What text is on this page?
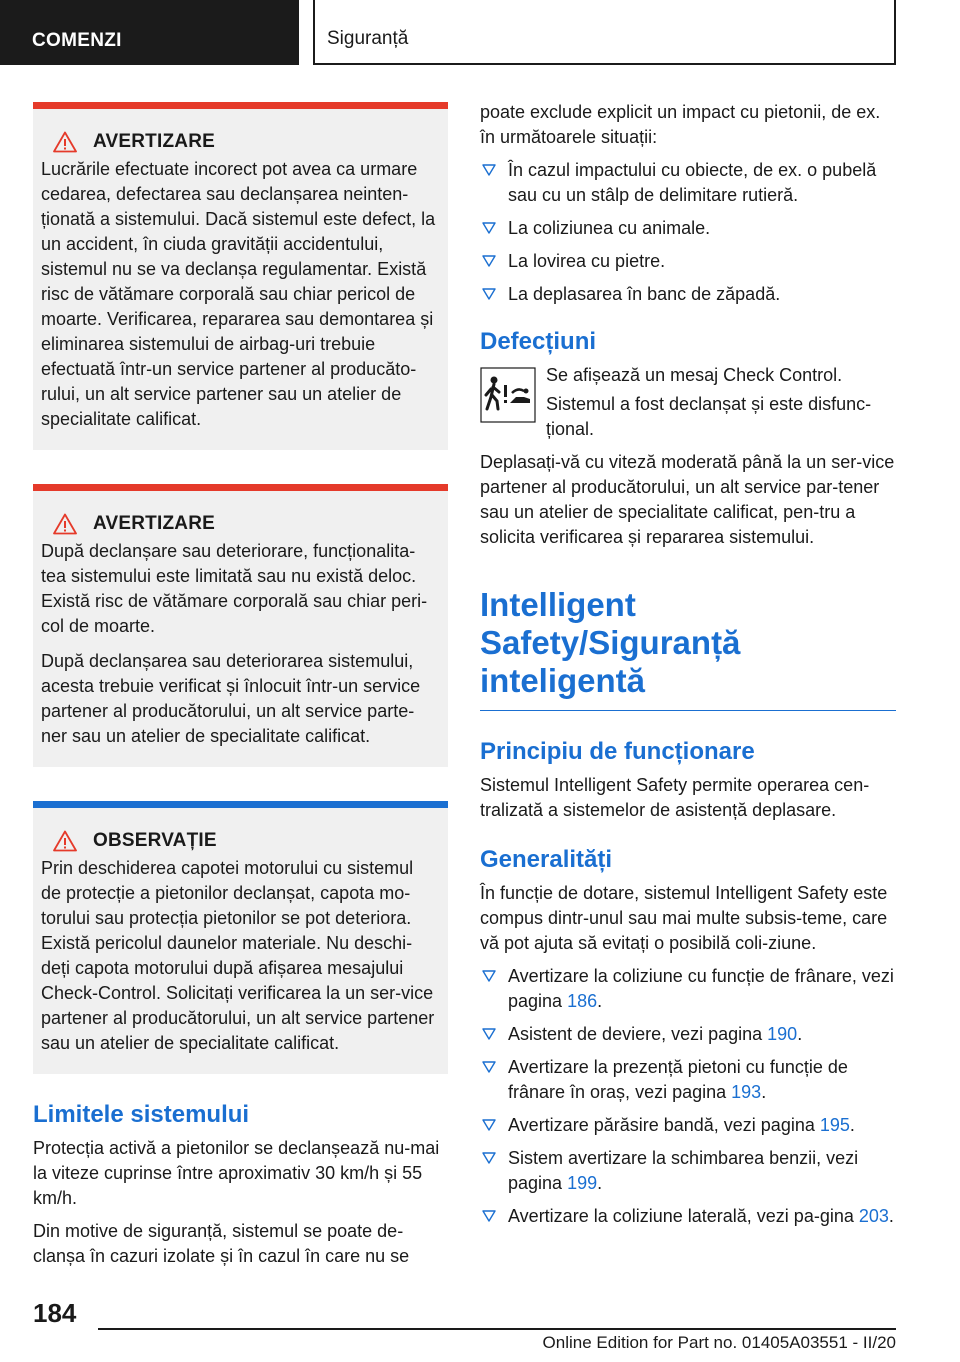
COMENZI	Siguranță
AVERTIZARE

Lucrările efectuate incorect pot avea ca urmare cedarea, defectarea sau declanșarea neinten-ționată a sistemului. Dacă sistemul este defect, la un accident, în ciuda gravității accidentului, sistemul nu se va declanșa regulamentar. Există risc de vătămare corporală sau chiar pericol de moarte. Verificarea, repararea sau demontarea și eliminarea sistemului de airbag-uri trebuie efectuată într-un service partener al producăto-rului, un alt service partener sau un atelier de specialitate calificat.

AVERTIZARE

După declanșare sau deteriorare, funcționalita-tea sistemului este limitată sau nu există deloc. Există risc de vătămare corporală sau chiar peri-col de moarte.

După declanșarea sau deteriorarea sistemului, acesta trebuie verificat și înlocuit într-un service partener al producătorului, un alt service parte-ner sau un atelier de specialitate calificat.

OBSERVAȚIE

Prin deschiderea capotei motorului cu sistemul de protecție a pietonilor declanșat, capota mo-torului sau protecția pietonilor se pot deteriora. Există pericolul daunelor materiale. Nu deschi-deți capota motorului după afișarea mesajului Check-Control. Solicitați verificarea la un ser-vice partener al producătorului, un alt service partener sau un atelier de specialitate calificat.

Limitele sistemului

Protecția activă a pietonilor se declanșează nu-mai la viteze cuprinse între aproximativ 30 km/h și 55 km/h.

Din motive de siguranță, sistemul se poate de-clanșa în cazuri izolate și în cazul în care nu se

poate exclude explicit un impact cu pietonii, de ex. în următoarele situații:

În cazul impactului cu obiecte, de ex. o pubelă sau cu un stâlp de delimitare rutieră.
La coliziunea cu animale.
La lovirea cu pietre.
La deplasarea în banc de zăpadă.
Defecțiuni

Se afișează un mesaj Check Control.

Sistemul a fost declanșat și este disfunc-țional.

Deplasați-vă cu viteză moderată până la un ser-vice partener al producătorului, un alt service par-tener sau un atelier de specialitate calificat, pen-tru a solicita verificarea și repararea sistemului.

Intelligent Safety/Siguranță inteligentă
Principiu de funcționare

Sistemul Intelligent Safety permite operarea cen-tralizată a sistemelor de asistență deplasare.

Generalități

În funcție de dotare, sistemul Intelligent Safety este compus dintr-unul sau mai multe subsis-teme, care vă pot ajuta să evitați o posibilă coli-ziune.

Avertizare la coliziune cu funcție de frânare, vezi pagina 186.
Asistent de deviere, vezi pagina 190.
Avertizare la prezență pietoni cu funcție de frânare în oraș, vezi pagina 193.
Avertizare părăsire bandă, vezi pagina 195.
Sistem avertizare la schimbarea benzii, vezi pagina 199.
Avertizare la coliziune laterală, vezi pa-gina 203.
184
Online Edition for Part no. 01405A03551 - II/20
